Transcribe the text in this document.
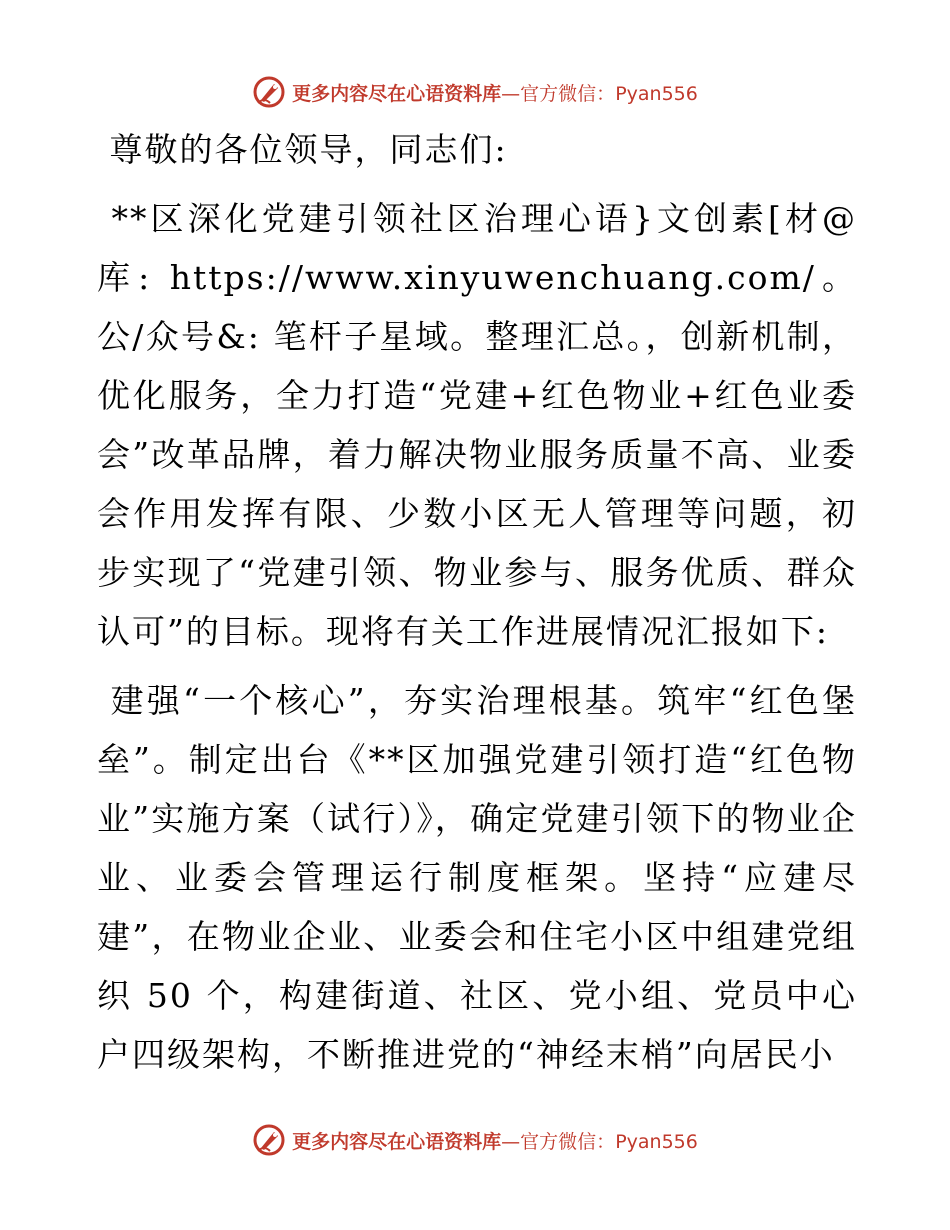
更多内容尽在心语资料库—官方微信：Pyan556

尊敬的各位领导，同志们:

**区深化党建引领社区治理心语}文创素[材@库: https://www.xinyuwenchuang.com/。公/众号&: 笔杆子星域。整理汇总。，创新机制，优化服务，全力打造“党建+红色物业+红色业委会”改革品牌，着力解决物业服务质量不高、业委会作用发挥有限、少数小区无人管理等问题，初步实现了“党建引领、物业参与、服务优质、群众认可”的目标。现将有关工作进展情况汇报如下:

建强“一个核心”，夯实治理根基。筑牢“红色堡垒”。制定出台《**区加强党建引领打造“红色物业”实施方案（试行）》，确定党建引领下的物业企业、业委会管理运行制度框架。坚持“应建尽建”，在物业企业、业委会和住宅小区中组建党组织 50 个，构建街道、社区、党小组、党员中心户四级架构，不断推进党的“神经末梢”向居民小

更多内容尽在心语资料库—官方微信：Pyan556
